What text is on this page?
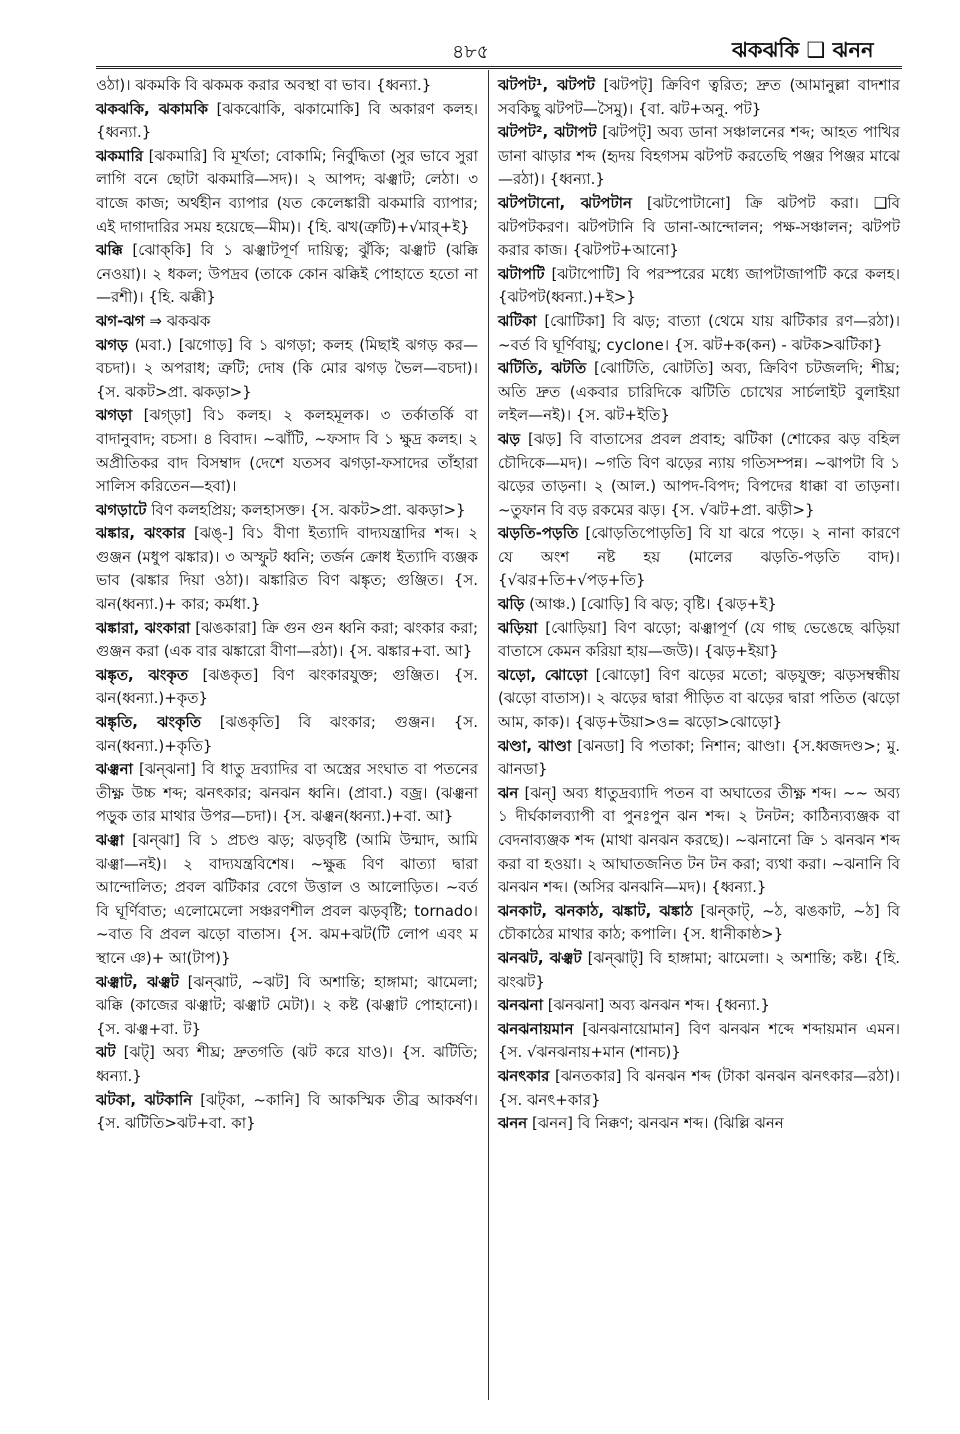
৪৮৫	ঝকঝকি ❑ ঝনন

ওঠা)। ঝকমকি বি ঝকমক করার অবস্থা বা ভাব। {ধ্বন্যা.}

ঝকঝকি, ঝকামকি [ঝকঝোকি, ঝকামোকি] বি অকারণ কলহ। {ধ্বন্যা.}

ঝকমারি [ঝকমারি] বি মূর্খতা; বোকামি; নির্বুদ্ধিতা (সুর ভাবে সুরা লাগি বনে ছোটা ঝকমারি—সদ)। ২ আপদ; ঝঞ্ঝাট; লেঠা। ৩ বাজে কাজ; অর্থহীন ব্যাপার (যত কেলেঙ্কারী ঝকমারি ব্যাপার; এই দাগাদারির সময় হয়েছে—মীম)। {হি. ঝখ(ত্রুটি)+√মার্+ই}

ঝক্কি [ঝোক্‌কি] বি ১ ঝঞ্ঝাটপূর্ণ দায়িত্ব; ঝুঁকি; ঝঞ্ঝাট (ঝক্কি নেওয়া)। ২ ধকল; উপদ্রব (তাকে কোন ঝক্কিই পোহাতে হতো না—রশী)। {হি. ঝক্কী}

ঝগ-ঝগ ⇒ ঝকঝক

ঝগড় (মবা.) [ঝগোড়] বি ১ ঝগড়া; কলহ (মিছাই ঝগড় কর—বচদা)। ২ অপরাধ; ত্রুটি; দোষ (কি মোর ঝগড় ভৈল—বচদা)। {স. ঝকট>প্রা. ঝকড়া>}

ঝগড়া [ঝগ্‌ড়া] বি১ কলহ। ২ কলহমূলক। ৩ তর্কাতর্কি বা বাদানুবাদ; বচসা। ৪ বিবাদ। ~ঝাঁটি, ~ফসাদ বি ১ ক্ষুদ্র কলহ। ২ অপ্রীতিকর বাদ বিসম্বাদ (দেশে যতসব ঝগড়া-ফসাদের তাঁহারা সালিস করিতেন—হবা)।

ঝগড়াটে বিণ কলহপ্রিয়; কলহাসক্ত। {স. ঝকট>প্রা. ঝকড়া>}

ঝঙ্কার, ঝংকার [ঝঙ্-] বি১ বীণা ইত্যাদি বাদ্যযন্ত্রাদির শব্দ। ২ গুঞ্জন (মধুপ ঝঙ্কার)। ৩ অস্ফুট ধ্বনি; তর্জন ক্রোধ ইত্যাদি ব্যঞ্জক ভাব (ঝঙ্কার দিয়া ওঠা)। ঝঙ্কারিত বিণ ঝঙ্কৃত; গুঞ্জিত। {স. ঝন(ধ্বন্যা.)+ কার; কর্মধা.}

ঝঙ্কারা, ঝংকারা [ঝঙকারা] ক্রি গুন গুন ধ্বনি করা; ঝংকার করা; গুঞ্জন করা (এক বার ঝঙ্কারো বীণা—রঠা)। {স. ঝঙ্কার+বা. আ}

ঝঙ্কৃত, ঝংকৃত [ঝঙকৃত] বিণ ঝংকারযুক্ত; গুঞ্জিত। {স. ঝন(ধ্বন্যা.)+কৃত}

ঝঙ্কৃতি, ঝংকৃতি [ঝঙকৃতি] বি ঝংকার; গুঞ্জন। {স. ঝন(ধ্বন্যা.)+কৃতি}

ঝঞ্ঝনা [ঝন্‌ঝনা] বি ধাতু দ্রব্যাদির বা অস্ত্রের সংঘাত বা পতনের তীক্ষ্ণ উচ্চ শব্দ; ঝনৎকার; ঝনঝন ধ্বনি। (প্রাবা.) বজ্র। (ঝঞ্ঝনা পড়ুক তার মাথার উপর—চদা)। {স. ঝঞ্ঝন(ধ্বন্যা.)+বা. আ}

ঝঞ্ঝা [ঝন্‌ঝা] বি ১ প্রচণ্ড ঝড়; ঝড়বৃষ্টি (আমি উন্মাদ, আমি ঝঞ্ঝা—নই)। ২ বাদ্যযন্ত্রবিশেষ। ~ক্ষুব্ধ বিণ ঝাত্যা দ্বারা আন্দোলিত; প্রবল ঝটিকার বেগে উত্তাল ও আলোড়িত। ~বর্ত বি ঘূর্ণিবাত; এলোমেলো সঞ্চরণশীল প্রবল ঝড়বৃষ্টি; tornado। ~বাত বি প্রবল ঝড়ো বাতাস। {স. ঝম+ঝট(টি লোপ এবং ম স্থানে ঞ)+ আ(টাপ)}

ঝঞ্ঝাট, ঝঞ্ঝট [ঝন্‌ঝাট, ~ঝট] বি অশান্তি; হাঙ্গামা; ঝামেলা; ঝক্কি (কাজের ঝঞ্ঝাট; ঝঞ্ঝাট মেটা)। ২ কষ্ট (ঝঞ্ঝাট পোহানো)। {স. ঝঞ্ঝ+বা. ট}

ঝট [ঝট্] অব্য শীঘ্র; দ্রুতগতি (ঝট করে যাও)। {স. ঝটিতি; ধ্বন্যা.}

ঝটকা, ঝটকানি [ঝট্‌কা, ~কানি] বি আকস্মিক তীব্র আকর্ষণ। {স. ঝটিতি>ঝট+বা. কা}

ঝটপট¹, ঝটপট [ঝটপট্] ক্রিবিণ ত্বরিত; দ্রুত (আমানুল্লা বাদশার সবকিছু ঝটপট—সৈমু)। {বা. ঝট+অনু. পট}

ঝটপট², ঝটাপট [ঝটপট্] অব্য ডানা সঞ্চালনের শব্দ; আহত পাখির ডানা ঝাড়ার শব্দ (হৃদয় বিহগসম ঝটপট করতেছি পঞ্জর পিঞ্জর মাঝে—রঠা)। {ধ্বন্যা.}

ঝটপটানো, ঝটপটান [ঝটপোটানো] ক্রি ঝটপট করা। ❑বি ঝটপটকরণ। ঝটপটানি বি ডানা-আন্দোলন; পক্ষ-সঞ্চালন; ঝটপট করার কাজ। {ঝটপট+আনো}

ঝটাপটি [ঝটাপোটি] বি পরস্পরের মধ্যে জাপটাজাপটি করে কলহ। {ঝটপট(ধ্বন্যা.)+ই>}

ঝটিকা [ঝোটিকা] বি ঝড়; বাত্যা (থেমে যায় ঝটিকার রণ—রঠা)। ~বর্ত বি ঘূর্ণিবায়ু; cyclone। {স. ঝট+ক(কন) - ঝটক>ঝটিকা}

ঝটিতি, ঝটতি [ঝোটিতি, ঝোটতি] অব্য, ক্রিবিণ চটজলদি; শীঘ্র; অতি দ্রুত (একবার চারিদিকে ঝটিতি চোখের সার্চলাইট বুলাইয়া লইল—নই)। {স. ঝট+ইতি}

ঝড় [ঝড়] বি বাতাসের প্রবল প্রবাহ; ঝটিকা (শোকের ঝড় বহিল চৌদিকে—মদ)। ~গতি বিণ ঝড়ের ন্যায় গতিসম্পন্ন। ~ঝাপটা বি ১ ঝড়ের তাড়না। ২ (আল.) আপদ-বিপদ; বিপদের ধাক্কা বা তাড়না। ~তুফান বি বড় রকমের ঝড়। {স. √ঝট+প্রা. ঝড়ী>}

ঝড়তি-পড়তি [ঝোড়তিপোড়তি] বি যা ঝরে পড়ে। ২ নানা কারণে যে অংশ নষ্ট হয় (মালের ঝড়তি-পড়তি বাদ)। {√ঝর+তি+√পড়+তি}

ঝড়ি (আঞ্চ.) [ঝোড়ি] বি ঝড়; বৃষ্টি। {ঝড়+ই}

ঝড়িয়া [ঝোড়িয়া] বিণ ঝড়ো; ঝঞ্ঝাপূর্ণ (যে গাছ ভেঙেছে ঝড়িয়া বাতাসে কেমন করিয়া হায়—জউ)। {ঝড়+ইয়া}

ঝড়ো, ঝোড়ো [ঝোড়ো] বিণ ঝড়ের মতো; ঝড়যুক্ত; ঝড়সম্বন্ধীয় (ঝড়ো বাতাস)। ২ ঝড়ের দ্বারা পীড়িত বা ঝড়ের দ্বারা পতিত (ঝড়ো আম, কাক)। {ঝড়+উয়া>ও= ঝড়ো>ঝোড়ো}

ঝণ্ডা, ঝাণ্ডা [ঝনডা] বি পতাকা; নিশান; ঝাণ্ডা। {স.ধ্বজদণ্ড>; মু. ঝানডা}

ঝন [ঝন্] অব্য ধাতুদ্রব্যাদি পতন বা অঘাতের তীক্ষ্ণ শব্দ। ~~ অব্য ১ দীর্ঘকালব্যাপী বা পুনঃপুন ঝন শব্দ। ২ টনটন; কাঠিন্যব্যঞ্জক বা বেদনাব্যঞ্জক শব্দ (মাথা ঝনঝন করছে)। ~ঝনানো ক্রি ১ ঝনঝন শব্দ করা বা হওয়া। ২ আঘাতজনিত টন টন করা; ব্যথা করা। ~ঝনানি বি ঝনঝন শব্দ। (অসির ঝনঝনি—মদ)। {ধ্বন্যা.}

ঝনকাট, ঝনকাঠ, ঝঙ্কাট, ঝঙ্কাঠ [ঝন্‌কাট্, ~ঠ, ঝঙকাট, ~ঠ] বি চৌকাঠের মাথার কাঠ; কপালি। {স. ধানীকাষ্ঠ>}

ঝনঝট, ঝঞ্ঝট [ঝন্‌ঝাট্] বি হাঙ্গামা; ঝামেলা। ২ অশান্তি; কষ্ট। {হি. ঝংঝট}

ঝনঝনা [ঝনঝনা] অব্য ঝনঝন শব্দ। {ধ্বন্যা.}

ঝনঝনায়মান [ঝনঝনায়োমান] বিণ ঝনঝন শব্দে শব্দায়মান এমন। {স. √ঝনঝনায়+মান (শানচ)}

ঝনৎকার [ঝনতকার] বি ঝনঝন শব্দ (টাকা ঝনঝন ঝনৎকার—রঠা)। {স. ঝনৎ+কার}

ঝনন [ঝনন] বি নিক্কণ; ঝনঝন শব্দ। (ঝিল্লি ঝনন
